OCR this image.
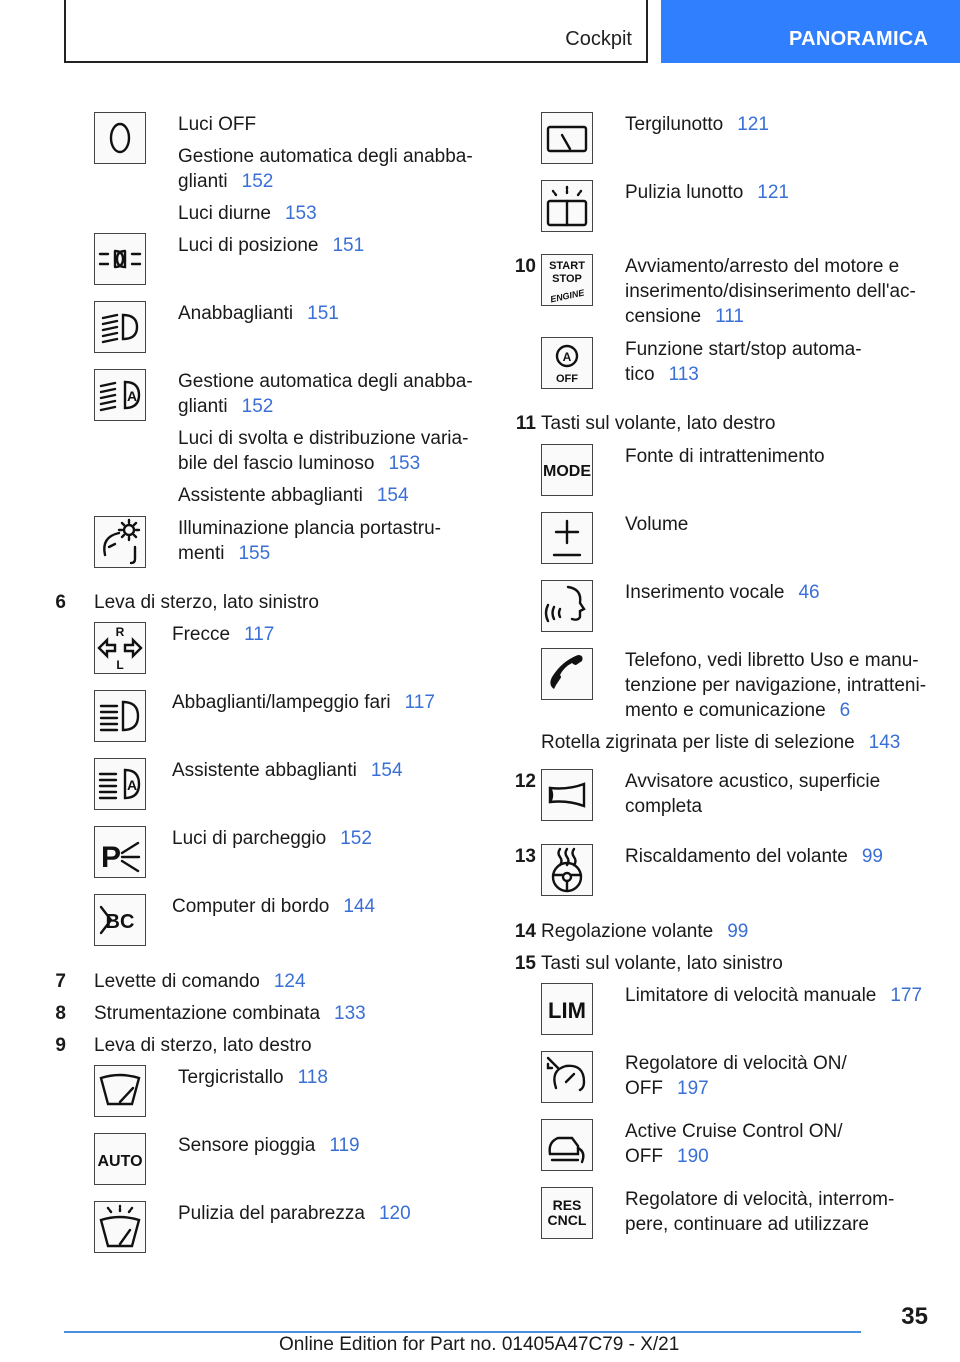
Cockpit	PANORAMICA

Luci OFF

Gestione automatica degli anabba-
glianti 152

Luci diurne 153

Luci di posizione 151

Anabbaglianti 151

A

Gestione automatica degli anabba-
glianti 152

Luci di svolta e distribuzione varia-
bile del fascio luminoso 153

Assistente abbaglianti 154

Illuminazione plancia portastru-
menti 155

6 Leva di sterzo, lato sinistro

R
L

Frecce 117

Abbaglianti/lampeggio fari 117

A

Assistente abbaglianti 154

P

Luci di parcheggio 152

BC

Computer di bordo 144

7 Levette di comando 124

8 Strumentazione combinata 133

9 Leva di sterzo, lato destro

Tergicristallo 118

AUTO

Sensore pioggia 119

Pulizia del parabrezza 120

Tergilunotto 121

Pulizia lunotto 121

10 START
STOP
ENGINE

Avviamento/arresto del motore e
inserimento/disinserimento dell'ac-
censione 111

A
OFF

Funzione start/stop automa-
tico 113

11 Tasti sul volante, lato destro

MODE

Fonte di intrattenimento

Volume

Inserimento vocale 46

Telefono, vedi libretto Uso e manu-
tenzione per navigazione, intratteni-
mento e comunicazione 6

Rotella zigrinata per liste di selezione 143

12	Avvisatore acustico, superficie
completa

13	Riscaldamento del volante 99

14 Regolazione volante 99

15 Tasti sul volante, lato sinistro

LIM

Limitatore di velocità manuale 177

Regolatore di velocità ON/
OFF 197

Active Cruise Control ON/
OFF 190

RES
CNCL

Regolatore di velocità, interrom-
pere, continuare ad utilizzare

35
Online Edition for Part no. 01405A47C79 - X/21
